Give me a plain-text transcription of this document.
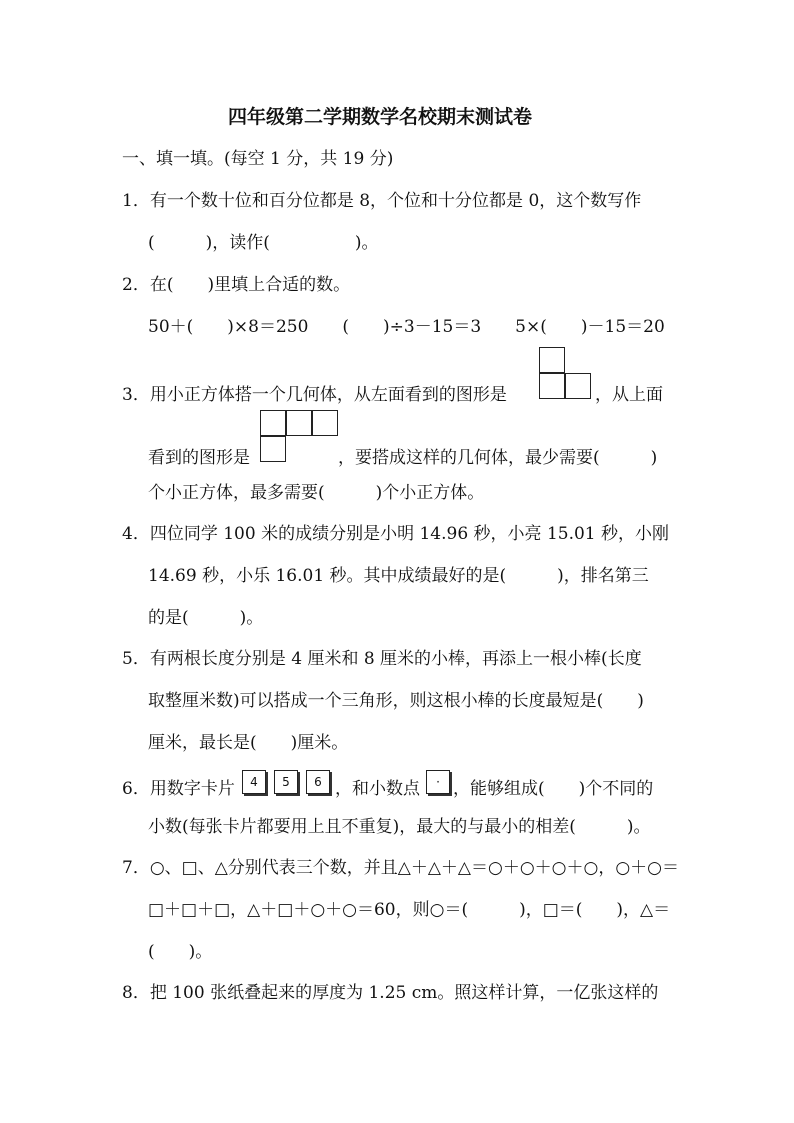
四年级第二学期数学名校期末测试卷
一、填一填。(每空 1 分，共 19 分)
1．有一个数十位和百分位都是 8，个位和十分位都是 0，这个数写作
(　　　)，读作(　　　　　)。
2．在(　　)里填上合适的数。
50＋(　　)×8＝250　　(　　)÷3－15＝3　　5×(　　)－15＝20
3．用小正方体搭一个几何体，从左面看到的图形是	，从上面
看到的图形是	，要搭成这样的几何体，最少需要(　　　)
个小正方体，最多需要(　　　)个小正方体。
4．四位同学 100 米的成绩分别是小明 14.96 秒，小亮 15.01 秒，小刚
14.69 秒，小乐 16.01 秒。其中成绩最好的是(　　　)，排名第三
的是(　　　)。
5．有两根长度分别是 4 厘米和 8 厘米的小棒，再添上一根小棒(长度
取整厘米数)可以搭成一个三角形，则这根小棒的长度最短是(　　)
厘米，最长是(　　)厘米。
6．用数字卡片	4	5	6 ，和小数点	· ，能够组成(　　)个不同的
小数(每张卡片都要用上且不重复)，最大的与最小的相差(　　　)。
7．○、□、△分别代表三个数，并且△＋△＋△＝○＋○＋○＋○，○＋○＝
□＋□＋□，△＋□＋○＋○＝60，则○＝(　　　)，□＝(　　)，△＝
(　　)。
8．把 100 张纸叠起来的厚度为 1.25 cm。照这样计算，一亿张这样的
